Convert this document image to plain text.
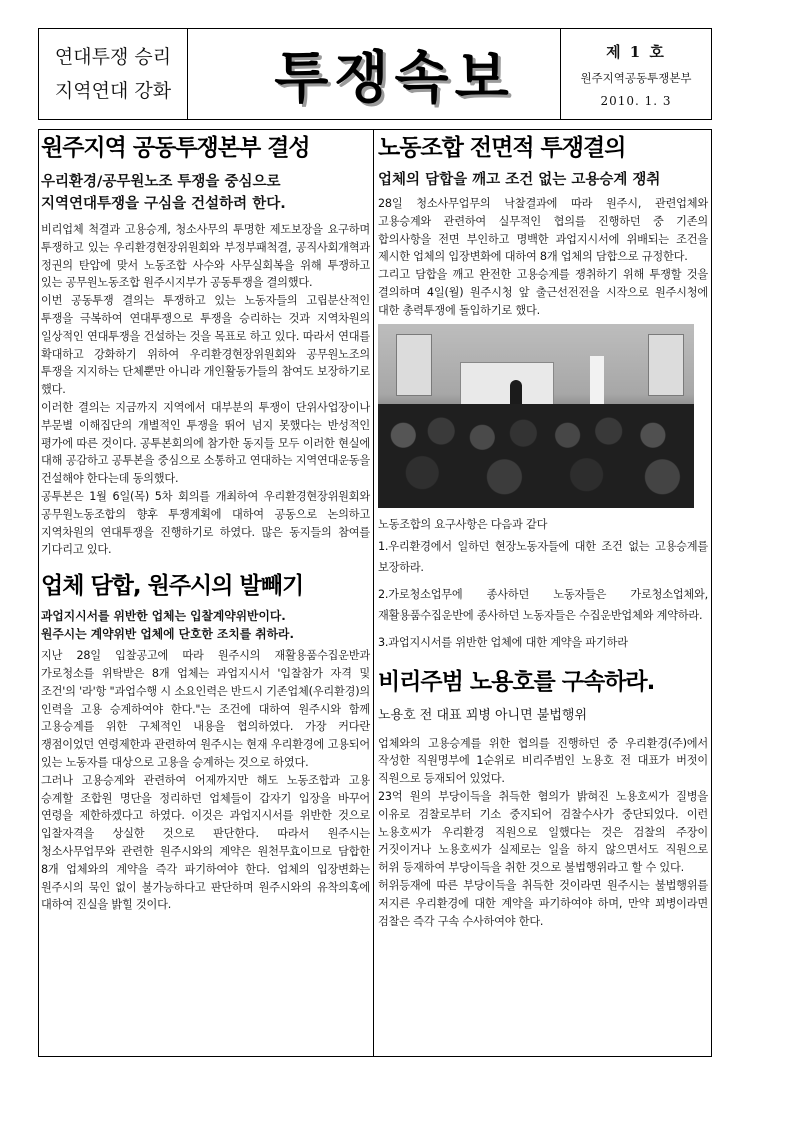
연대투쟁 승리
지역연대 강화	투쟁속보	제 1 호
원주지역공동투쟁본부
2010. 1. 3
원주지역 공동투쟁본부 결성

우리환경/공무원노조 투쟁을 중심으로

지역연대투쟁을 구심을 건설하려 한다.

비리업체 척결과 고용승계, 청소사무의 투명한 제도보장을 요구하며 투쟁하고 있는 우리환경현장위원회와 부정부패척결, 공직사회개혁과 정권의 탄압에 맞서 노동조합 사수와 사무실회복을 위해 투쟁하고 있는 공무원노동조합 원주시지부가 공동투쟁을 결의했다.

이번 공동투쟁 결의는 투쟁하고 있는 노동자들의 고립분산적인 투쟁을 극복하여 연대투쟁으로 투쟁을 승리하는 것과 지역차원의 일상적인 연대투쟁을 건설하는 것을 목표로 하고 있다. 따라서 연대를 확대하고 강화하기 위하여 우리환경현장위원회와 공무원노조의 투쟁을 지지하는 단체뿐만 아니라 개인활동가들의 참여도 보장하기로 했다.

이러한 결의는 지금까지 지역에서 대부분의 투쟁이 단위사업장이나 부문별 이해집단의 개별적인 투쟁을 뛰어 넘지 못했다는 반성적인 평가에 따른 것이다. 공투본회의에 참가한 동지들 모두 이러한 현실에 대해 공감하고 공투본을 중심으로 소통하고 연대하는 지역연대운동을 건설해야 한다는데 동의했다.

공투본은 1월 6일(목) 5차 회의를 개최하여 우리환경현장위원회와 공무원노동조합의 향후 투쟁계획에 대하여 공동으로 논의하고 지역차원의 연대투쟁을 진행하기로 하였다. 많은 동지들의 참여를 기다리고 있다.

업체 담합, 원주시의 발빼기

과업지시서를 위반한 업체는 입찰계약위반이다.

원주시는 계약위반 업체에 단호한 조치를 취하라.

지난 28일 입찰공고에 따라 원주시의 재활용품수집운반과 가로청소를 위탁받은 8개 업체는 과업지시서 '입찰참가 자격 및 조건'의 '라'항 "과업수행 시 소요인력은 반드시 기존업체(우리환경)의 인력을 고용 승계하여야 한다."는 조건에 대하여 원주시와 함께 고용승계를 위한 구체적인 내용을 협의하였다. 가장 커다란 쟁점이었던 연령제한과 관련하여 원주시는 현재 우리환경에 고용되어 있는 노동자를 대상으로 고용을 승계하는 것으로 하였다.

그러나 고용승계와 관련하여 어제까지만 해도 노동조합과 고용 승계할 조합원 명단을 정리하던 업체들이 갑자기 입장을 바꾸어 연령을 제한하겠다고 하였다. 이것은 과업지시서를 위반한 것으로 입찰자격을 상실한 것으로 판단한다. 따라서 원주시는 청소사무업무와 관련한 원주시와의 계약은 원천무효이므로 담합한 8개 업체와의 계약을 즉각 파기하여야 한다. 업체의 입장변화는 원주시의 묵인 없이 불가능하다고 판단하며 원주시와의 유착의혹에 대하여 진실을 밝힐 것이다.

노동조합 전면적 투쟁결의

업체의 담합을 깨고 조건 없는 고용승계 쟁취

28일 청소사무업무의 낙찰결과에 따라 원주시, 관련업체와 고용승계와 관련하여 실무적인 협의를 진행하던 중 기존의 합의사항을 전면 부인하고 명백한 과업지시서에 위배되는 조건을 제시한 업체의 입장변화에 대하여 8개 업체의 담합으로 규정한다.

그리고 담합을 깨고 완전한 고용승계를 쟁취하기 위해 투쟁할 것을 결의하며 4일(월) 원주시청 앞 출근선전전을 시작으로 원주시청에 대한 총력투쟁에 돌입하기로 했다.

노동조합의 요구사항은 다음과 같다

1.우리환경에서 일하던 현장노동자들에 대한 조건 없는 고용승계를 보장하라.

2.가로청소업무에 종사하던 노동자들은 가로청소업체와, 재활용품수집운반에 종사하던 노동자들은 수집운반업체와 계약하라.

3.과업지시서를 위반한 업체에 대한 계약을 파기하라

비리주범 노용호를 구속하라.

노용호 전 대표 꾀병 아니면 불법행위

업체와의 고용승계를 위한 협의를 진행하던 중 우리환경(주)에서 작성한 직원명부에 1순위로 비리주범인 노용호 전 대표가 버젓이 직원으로 등재되어 있었다.

23억 원의 부당이득을 취득한 혐의가 밝혀진 노용호씨가 질병을 이유로 검찰로부터 기소 중지되어 검찰수사가 중단되었다. 이런 노용호씨가 우리환경 직원으로 일했다는 것은 검찰의 주장이 거짓이거나 노용호씨가 실제로는 일을 하지 않으면서도 직원으로 허위 등재하여 부당이득을 취한 것으로 불법행위라고 할 수 있다.

허위등재에 따른 부당이득을 취득한 것이라면 원주시는 불법행위를 저지른 우리환경에 대한 계약을 파기하여야 하며, 만약 꾀병이라면 검찰은 즉각 구속 수사하여야 한다.
